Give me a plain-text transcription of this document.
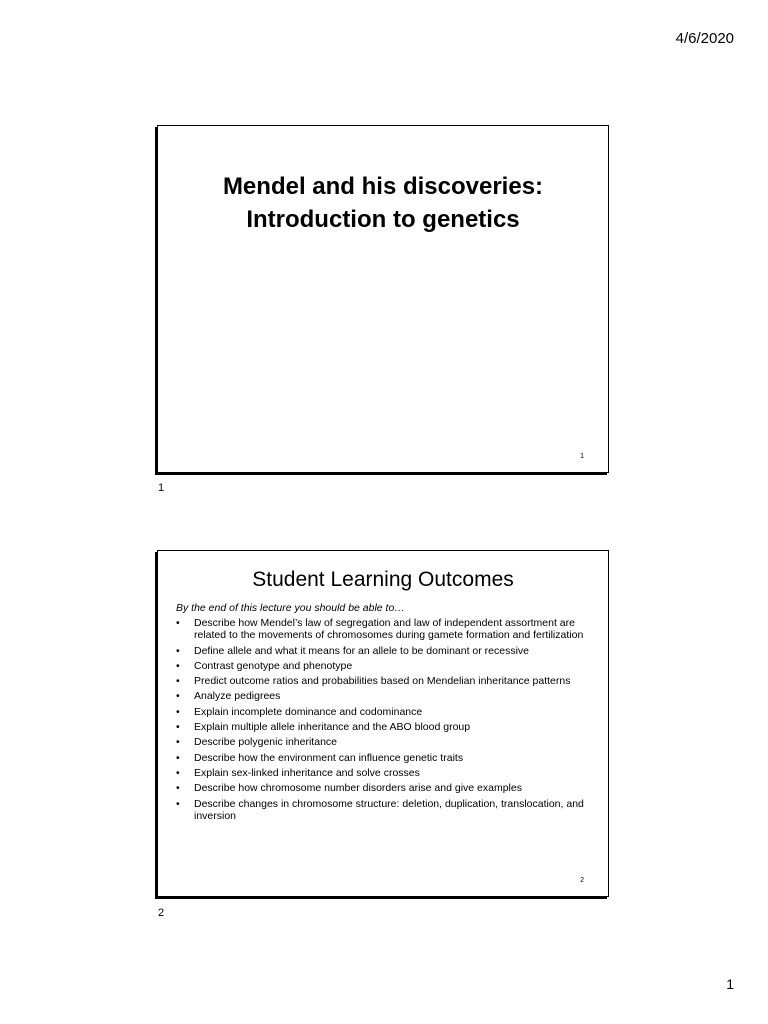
4/6/2020
Mendel and his discoveries:
Introduction to genetics
1
1
Student Learning Outcomes
By the end of this lecture you should be able to…
• Describe how Mendel’s law of segregation and law of independent assortment are related to the movements of chromosomes during gamete formation and fertilization
• Define allele and what it means for an allele to be dominant or recessive
• Contrast genotype and phenotype
• Predict outcome ratios and probabilities based on Mendelian inheritance patterns
• Analyze pedigrees
• Explain incomplete dominance and codominance
• Explain multiple allele inheritance and the ABO blood group
• Describe polygenic inheritance
• Describe how the environment can influence genetic traits
• Explain sex-linked inheritance and solve crosses
• Describe how chromosome number disorders arise and give examples
• Describe changes in chromosome structure: deletion, duplication, translocation, and inversion
2
2
1
